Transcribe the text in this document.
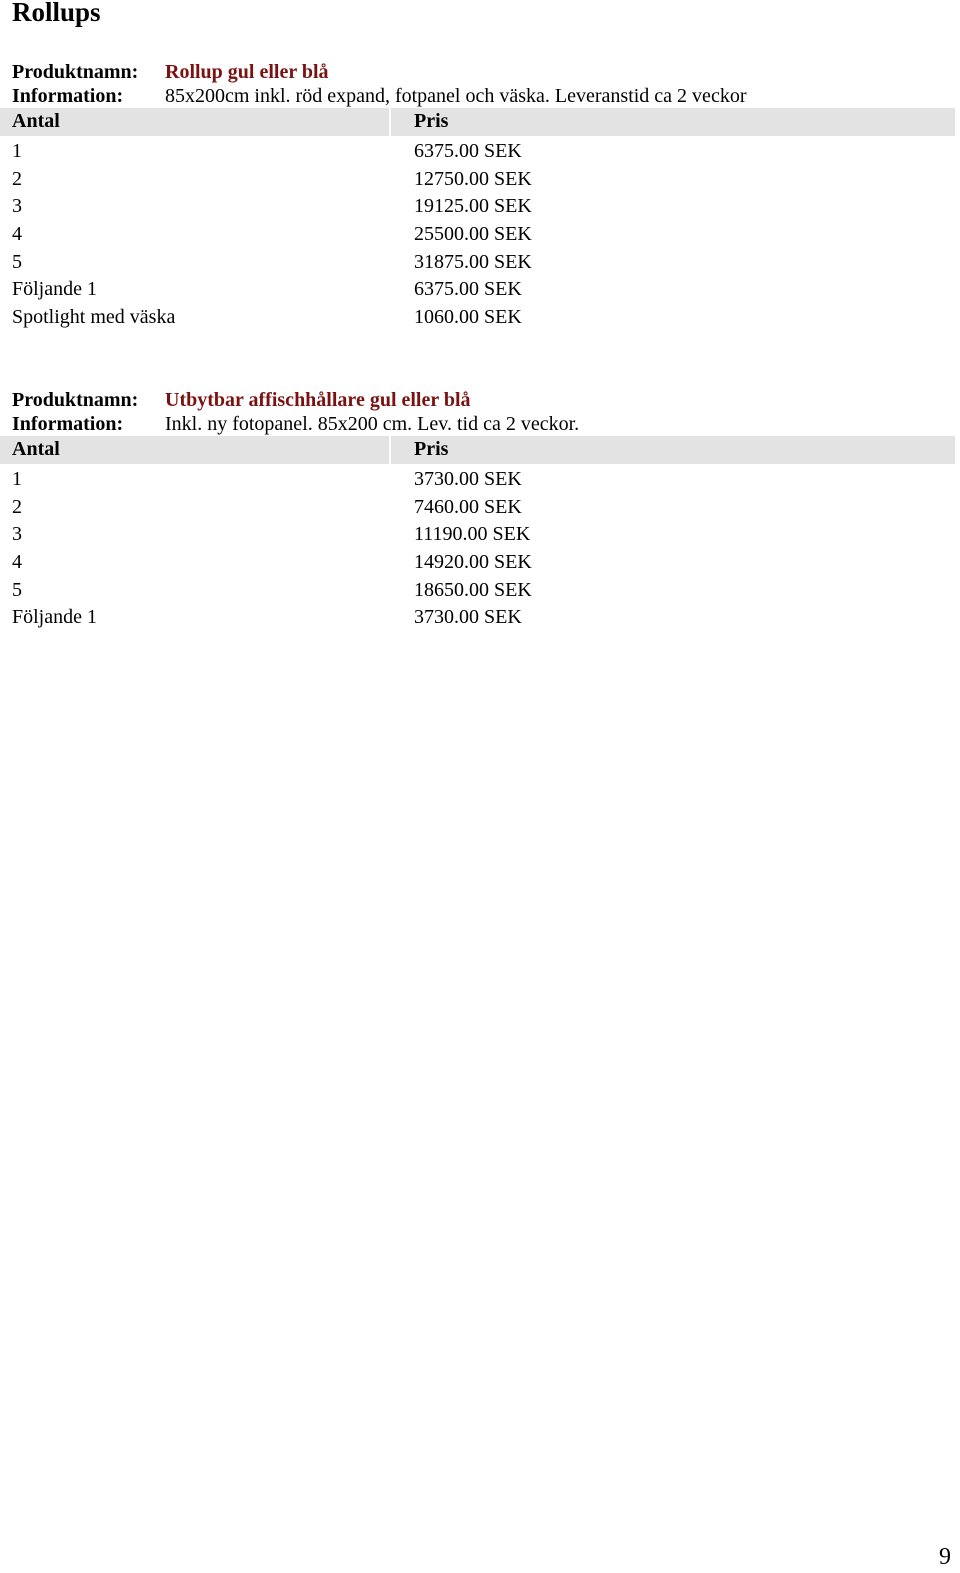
Rollups
Produktnamn: Rollup gul eller blå
Information: 85x200cm inkl. röd expand, fotpanel och väska. Leveranstid ca 2 veckor
Antal	Pris
1	6375.00 SEK
2	12750.00 SEK
3	19125.00 SEK
4	25500.00 SEK
5	31875.00 SEK
Följande 1	6375.00 SEK
Spotlight med väska	1060.00 SEK
Produktnamn: Utbytbar affischhållare gul eller blå
Information: Inkl. ny fotopanel. 85x200 cm. Lev. tid ca 2 veckor.
Antal	Pris
1	3730.00 SEK
2	7460.00 SEK
3	11190.00 SEK
4	14920.00 SEK
5	18650.00 SEK
Följande 1	3730.00 SEK
9
